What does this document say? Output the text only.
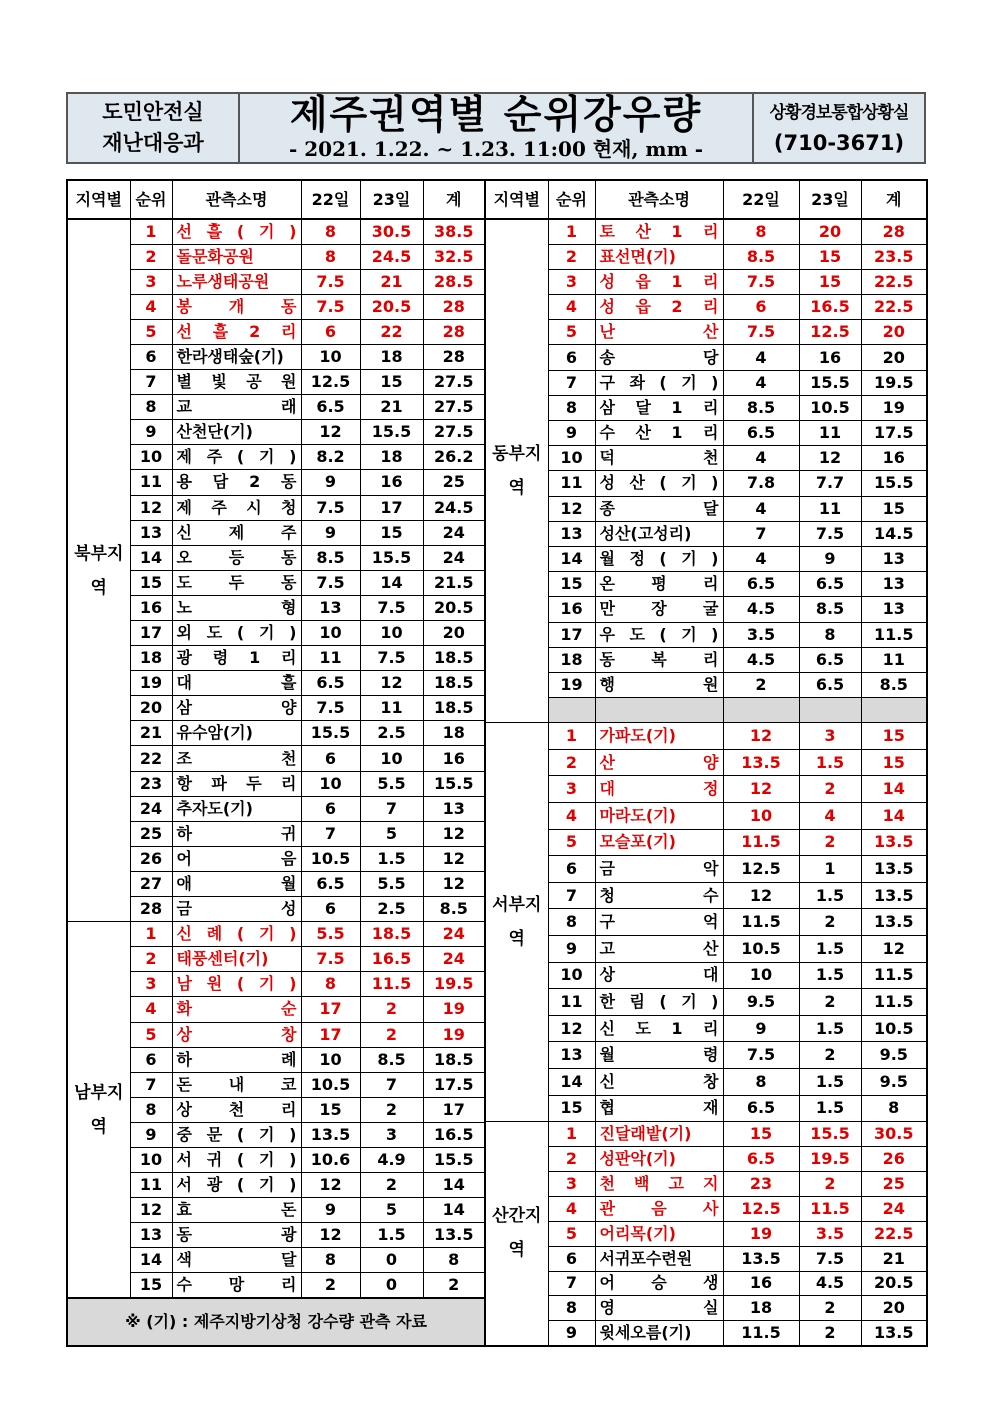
도민안전실
재난대응과
제주권역별 순위강우량
- 2021. 1.22. ~ 1.23. 11:00 현재, mm -
상황경보통합상황실
(710-3671)
지역별	순위	관측소명	22일	23일	계
북부지역	1	선 흘 ( 기 )	8	30.5	38.5
	2	돌문화공원	8	24.5	32.5
	3	노루생태공원	7.5	21	28.5
	4	봉 개 동	7.5	20.5	28
	5	선 흘 2 리	6	22	28
	6	한라생태숲(기)	10	18	28
	7	별 빛 공 원	12.5	15	27.5
	8	교 래	6.5	21	27.5
	9	산천단(기)	12	15.5	27.5
	10	제 주 ( 기 )	8.2	18	26.2
	11	용 담 2 동	9	16	25
	12	제 주 시 청	7.5	17	24.5
	13	신 제 주	9	15	24
	14	오 등 동	8.5	15.5	24
	15	도 두 동	7.5	14	21.5
	16	노 형	13	7.5	20.5
	17	외 도 ( 기 )	10	10	20
	18	광 령 1 리	11	7.5	18.5
	19	대 흘	6.5	12	18.5
	20	삼 양	7.5	11	18.5
	21	유수암(기)	15.5	2.5	18
	22	조 천	6	10	16
	23	항 파 두 리	10	5.5	15.5
	24	추자도(기)	6	7	13
	25	하 귀	7	5	12
	26	어 음	10.5	1.5	12
	27	애 월	6.5	5.5	12
	28	금 성	6	2.5	8.5
남부지역	1	신 례 ( 기 )	5.5	18.5	24
	2	태풍센터(기)	7.5	16.5	24
	3	남 원 ( 기 )	8	11.5	19.5
	4	화 순	17	2	19
	5	상 창	17	2	19
	6	하 례	10	8.5	18.5
	7	돈 내 코	10.5	7	17.5
	8	상 천 리	15	2	17
	9	중 문 ( 기 )	13.5	3	16.5
	10	서 귀 ( 기 )	10.6	4.9	15.5
	11	서 광 ( 기 )	12	2	14
	12	효 돈	9	5	14
	13	동 광	12	1.5	13.5
	14	색 달	8	0	8
	15	수 망 리	2	0	2
※ (기) : 제주지방기상청 강수량 관측 자료					
지역별	순위	관측소명	22일	23일	계
동부지역	1	토 산 1 리	8	20	28
	2	표선면(기)	8.5	15	23.5
	3	성 읍 1 리	7.5	15	22.5
	4	성 읍 2 리	6	16.5	22.5
	5	난 산	7.5	12.5	20
	6	송 당	4	16	20
	7	구 좌 ( 기 )	4	15.5	19.5
	8	삼 달 1 리	8.5	10.5	19
	9	수 산 1 리	6.5	11	17.5
	10	덕 천	4	12	16
	11	성 산 ( 기 )	7.8	7.7	15.5
	12	종 달	4	11	15
	13	성산(고성리)	7	7.5	14.5
	14	월 정 ( 기 )	4	9	13
	15	온 평 리	6.5	6.5	13
	16	만 장 굴	4.5	8.5	13
	17	우 도 ( 기 )	3.5	8	11.5
	18	동 복 리	4.5	6.5	11
	19	행 원	2	6.5	8.5

서부지역	1	가파도(기)	12	3	15
	2	산 양	13.5	1.5	15
	3	대 정	12	2	14
	4	마라도(기)	10	4	14
	5	모슬포(기)	11.5	2	13.5
	6	금 악	12.5	1	13.5
	7	청 수	12	1.5	13.5
	8	구 억	11.5	2	13.5
	9	고 산	10.5	1.5	12
	10	상 대	10	1.5	11.5
	11	한 림 ( 기 )	9.5	2	11.5
	12	신 도 1 리	9	1.5	10.5
	13	월 령	7.5	2	9.5
	14	신 창	8	1.5	9.5
	15	협 재	6.5	1.5	8
산간지역	1	진달래밭(기)	15	15.5	30.5
	2	성판악(기)	6.5	19.5	26
	3	천 백 고 지	23	2	25
	4	관 음 사	12.5	11.5	24
	5	어리목(기)	19	3.5	22.5
	6	서귀포수련원	13.5	7.5	21
	7	어 승 생	16	4.5	20.5
	8	영 실	18	2	20
	9	윗세오름(기)	11.5	2	13.5
